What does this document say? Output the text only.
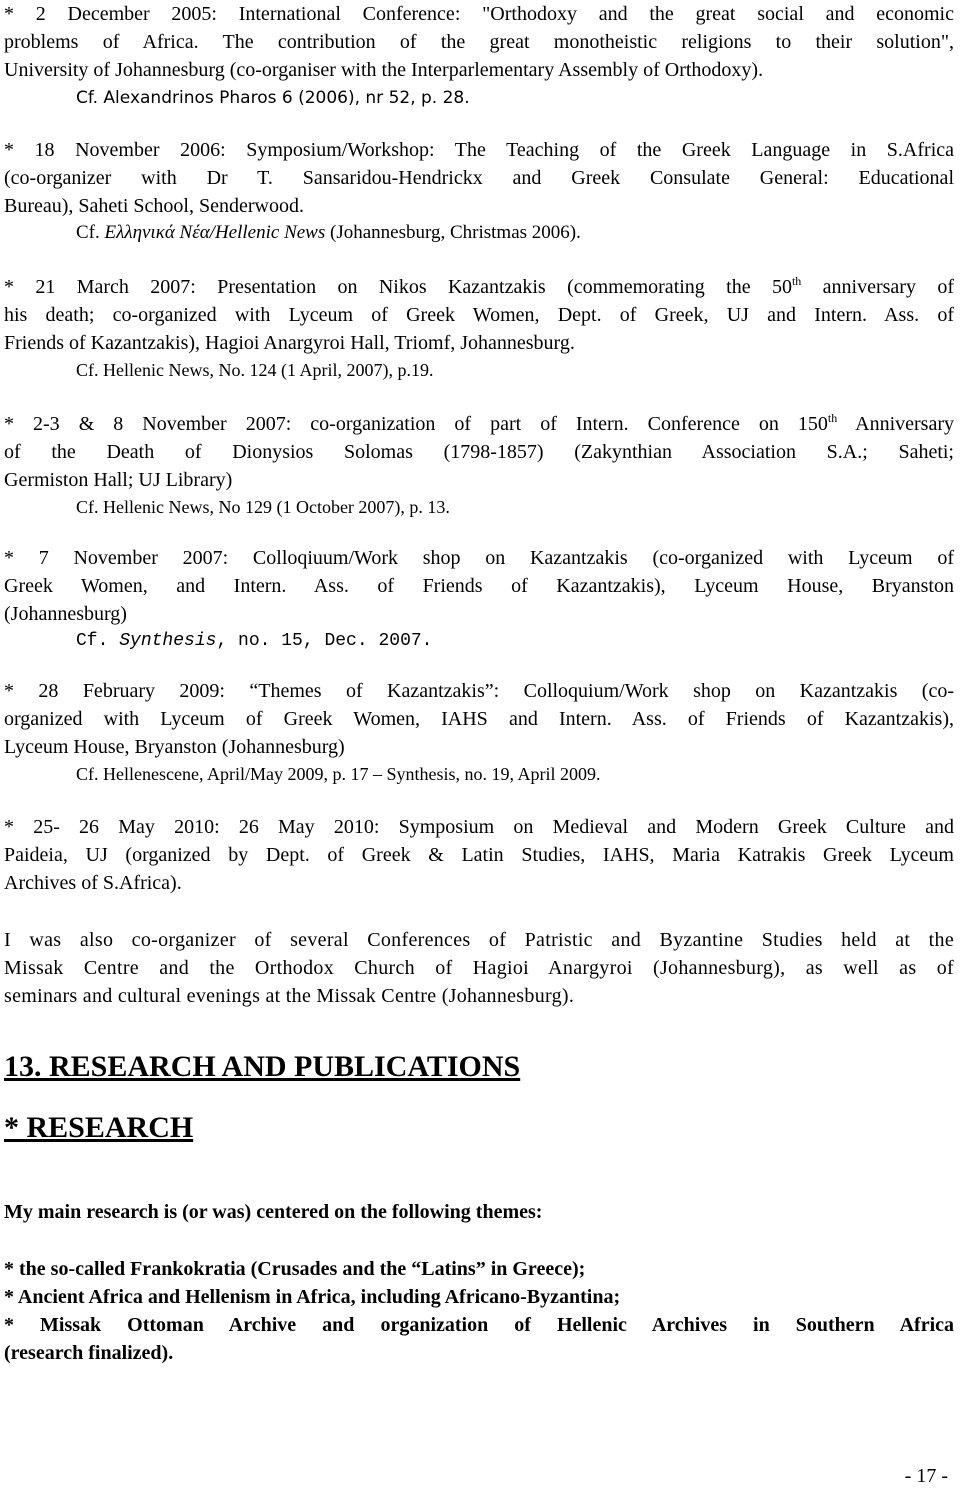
* 2 December 2005: International Conference: "Orthodoxy and the great social and economic
problems of Africa. The contribution of the great monotheistic religions to their solution",
University of Johannesburg (co-organiser with the Interparlementary Assembly of Orthodoxy).
Cf. Alexandrinos Pharos 6 (2006), nr 52, p. 28.
* 18 November 2006: Symposium/Workshop: The Teaching of the Greek Language in S.Africa
(co-organizer with Dr T. Sansaridou-Hendrickx and Greek Consulate General: Educational
Bureau), Saheti School, Senderwood.
Cf. Ελληνικά Νέα/Hellenic News (Johannesburg, Christmas 2006).
* 21 March 2007: Presentation on Nikos Kazantzakis (commemorating the 50th anniversary of
his death; co-organized with Lyceum of Greek Women, Dept. of Greek, UJ and Intern. Ass. of
Friends of Kazantzakis), Hagioi Anargyroi Hall, Triomf, Johannesburg.
Cf. Hellenic News, No. 124 (1 April, 2007), p.19.
* 2-3 & 8 November 2007: co-organization of part of Intern. Conference on 150th Anniversary
of the Death of Dionysios Solomas (1798-1857) (Zakynthian Association S.A.; Saheti;
Germiston Hall; UJ Library)
Cf. Hellenic News, No 129 (1 October 2007), p. 13.
* 7 November 2007: Colloqiuum/Work shop on Kazantzakis (co-organized with Lyceum of
Greek Women, and Intern. Ass. of Friends of Kazantzakis), Lyceum House, Bryanston
(Johannesburg)
Cf. Synthesis, no. 15, Dec. 2007.
* 28 February 2009: “Themes of Kazantzakis”: Colloquium/Work shop on Kazantzakis (co-
organized with Lyceum of Greek Women, IAHS and Intern. Ass. of Friends of Kazantzakis),
Lyceum House, Bryanston (Johannesburg)
Cf. Hellenescene, April/May 2009, p. 17 – Synthesis, no. 19, April 2009.
* 25- 26 May 2010: 26 May 2010: Symposium on Medieval and Modern Greek Culture and
Paideia, UJ (organized by Dept. of Greek & Latin Studies, IAHS, Maria Katrakis Greek Lyceum
Archives of S.Africa).
I was also co-organizer of several Conferences of Patristic and Byzantine Studies held at the
Missak Centre and the Orthodox Church of Hagioi Anargyroi (Johannesburg), as well as of
seminars and cultural evenings at the Missak Centre (Johannesburg).
13. RESEARCH AND PUBLICATIONS
* RESEARCH
My main research is (or was) centered on the following themes:
* the so-called Frankokratia (Crusades and the “Latins” in Greece);
* Ancient Africa and Hellenism in Africa, including Africano-Byzantina;
* Missak Ottoman Archive and organization of Hellenic Archives in Southern Africa
(research finalized).
- 17 -
